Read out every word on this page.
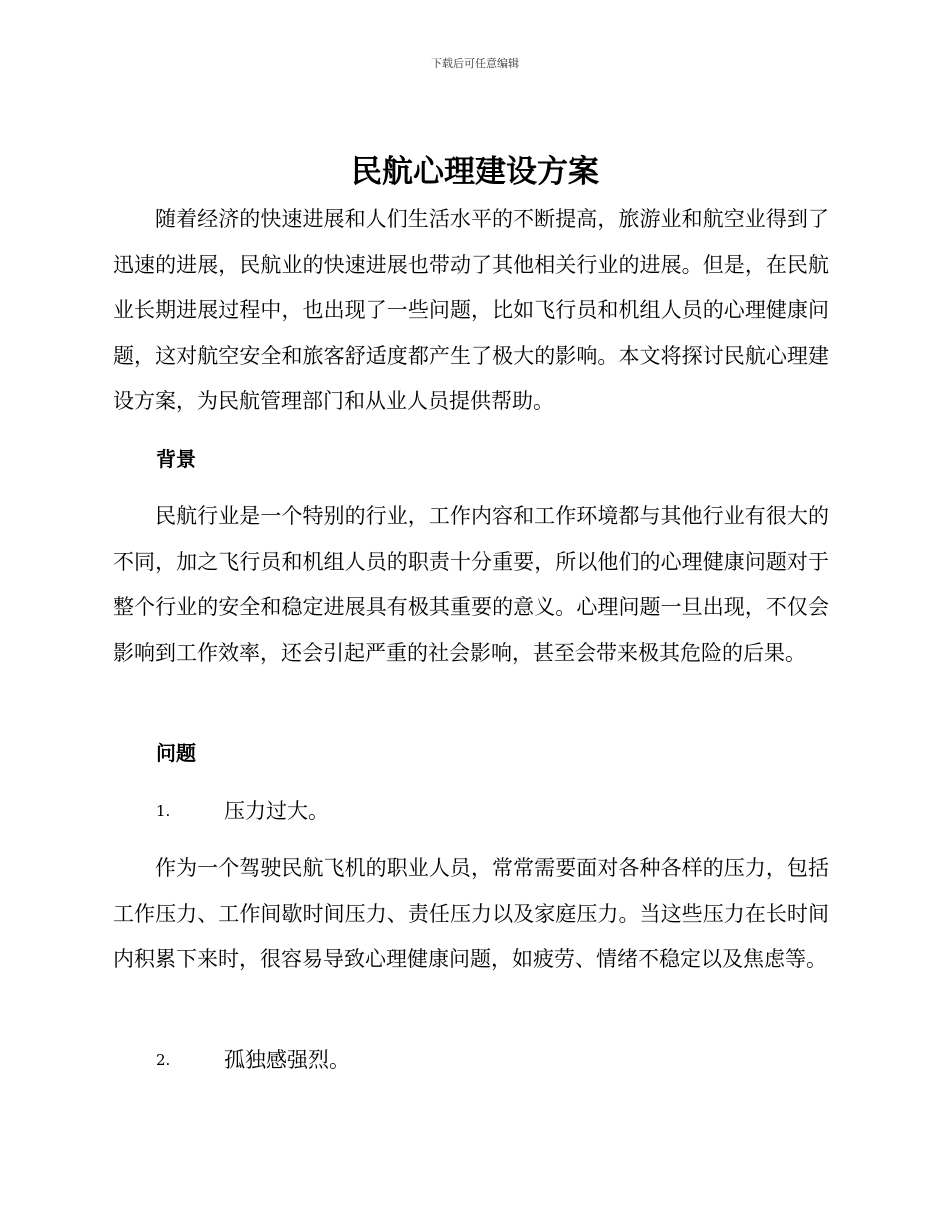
下载后可任意编辑
民航心理建设方案

随着经济的快速进展和人们生活水平的不断提高，旅游业和航空业得到了迅速的进展，民航业的快速进展也带动了其他相关行业的进展。但是，在民航业长期进展过程中，也出现了一些问题，比如飞行员和机组人员的心理健康问题，这对航空安全和旅客舒适度都产生了极大的影响。本文将探讨民航心理建设方案，为民航管理部门和从业人员提供帮助。

背景

民航行业是一个特别的行业，工作内容和工作环境都与其他行业有很大的不同，加之飞行员和机组人员的职责十分重要，所以他们的心理健康问题对于整个行业的安全和稳定进展具有极其重要的意义。心理问题一旦出现，不仅会影响到工作效率，还会引起严重的社会影响，甚至会带来极其危险的后果。

问题
1.	压力过大。

作为一个驾驶民航飞机的职业人员，常常需要面对各种各样的压力，包括工作压力、工作间歇时间压力、责任压力以及家庭压力。当这些压力在长时间内积累下来时，很容易导致心理健康问题，如疲劳、情绪不稳定以及焦虑等。

2.	孤独感强烈。
